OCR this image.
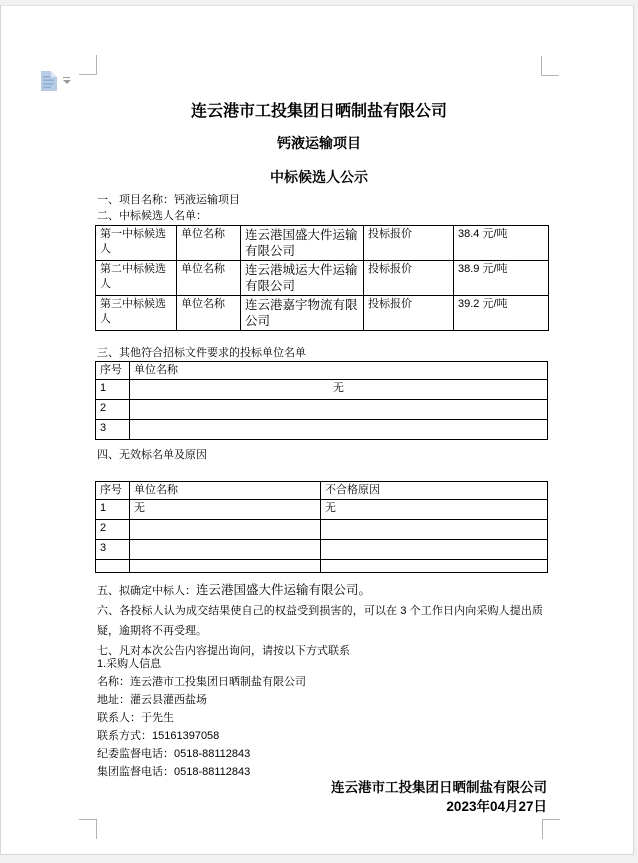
连云港市工投集团日晒制盐有限公司
钙液运输项目
中标候选人公示
一、项目名称：钙液运输项目
二、中标候选人名单：
第一中标候选人	单位名称	连云港国盛大件运输有限公司	投标报价	38.4 元/吨
第二中标候选人	单位名称	连云港城运大件运输有限公司	投标报价	38.9 元/吨
第三中标候选人	单位名称	连云港嘉宇物流有限公司	投标报价	39.2 元/吨
三、其他符合招标文件要求的投标单位名单
序号	单位名称
1	无
2	
3	
四、无效标名单及原因
序号	单位名称	不合格原因
1	无	无
2		
3		

五、拟确定中标人：连云港国盛大件运输有限公司。

六、各投标人认为成交结果使自己的权益受到损害的，可以在 3 个工作日内向采购人提出质疑，逾期将不再受理。

七、凡对本次公告内容提出询问，请按以下方式联系

1.采购人信息
名称：连云港市工投集团日晒制盐有限公司
地址：灌云县灌西盐场
联系人：于先生
联系方式：15161397058
纪委监督电话：0518-88112843
集团监督电话：0518-88112843
连云港市工投集团日晒制盐有限公司
2023年04月27日
